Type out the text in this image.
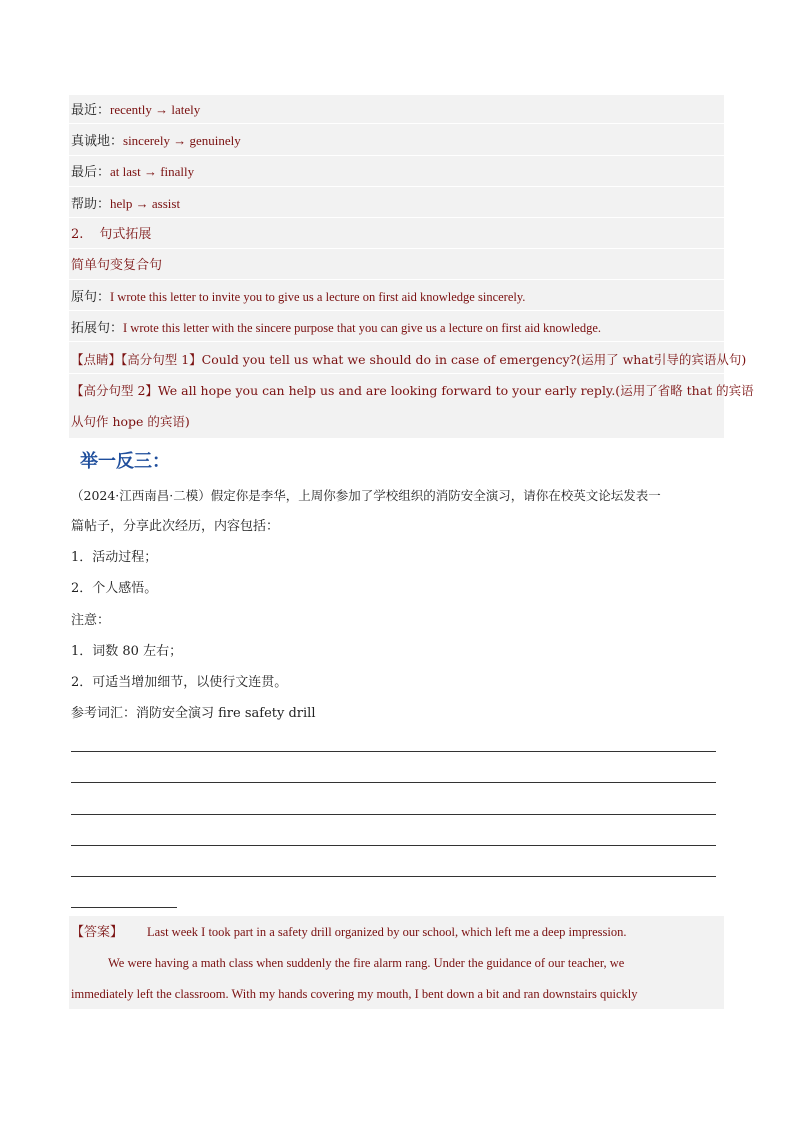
最近：recently → lately
真诚地：sincerely → genuinely
最后：at last → finally
帮助：help → assist
2. 句式拓展
简单句变复合句
原句：I wrote this letter to invite you to give us a lecture on first aid knowledge sincerely.
拓展句：I wrote this letter with the sincere purpose that you can give us a lecture on first aid knowledge.
【点睛】【高分句型 1】Could you tell us what we should do in case of emergency?(运用了 what引导的宾语从句)
【高分句型 2】We all hope you can help us and are looking forward to your early reply.(运用了省略 that 的宾语
从句作 hope 的宾语)
举一反三：
（2024·江西南昌·二模）假定你是李华，上周你参加了学校组织的消防安全演习，请你在校英文论坛发表一
篇帖子，分享此次经历，内容包括：
1．活动过程；
2．个人感悟。
注意：
1．词数 80 左右；
2．可适当增加细节，以使行文连贯。
参考词汇：消防安全演习 fire safety drill
【答案】 Last week I took part in a safety drill organized by our school, which left me a deep impression.
We were having a math class when suddenly the fire alarm rang. Under the guidance of our teacher, we
immediately left the classroom. With my hands covering my mouth, I bent down a bit and ran downstairs quickly
